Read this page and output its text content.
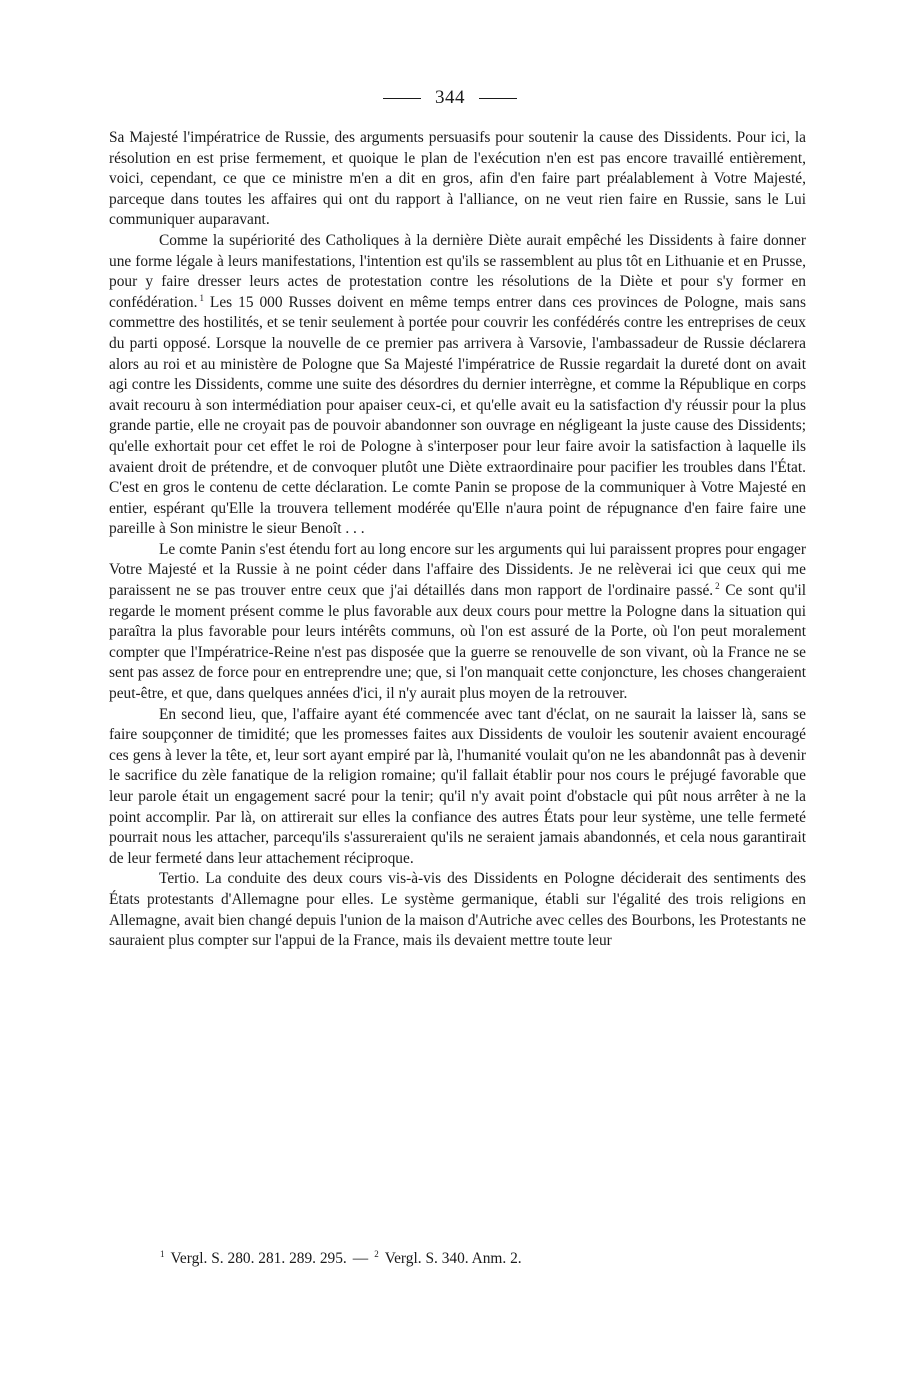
344

Sa Majesté l'impératrice de Russie, des arguments persuasifs pour soutenir la cause des Dissidents. Pour ici, la résolution en est prise fermement, et quoique le plan de l'exécution n'en est pas encore travaillé entièrement, voici, cependant, ce que ce ministre m'en a dit en gros, afin d'en faire part préalablement à Votre Majesté, parceque dans toutes les affaires qui ont du rapport à l'alliance, on ne veut rien faire en Russie, sans le Lui communiquer auparavant.

Comme la supériorité des Catholiques à la dernière Diète aurait empêché les Dissidents à faire donner une forme légale à leurs manifestations, l'intention est qu'ils se rassemblent au plus tôt en Lithuanie et en Prusse, pour y faire dresser leurs actes de protestation contre les résolutions de la Diète et pour s'y former en confédération. $^1$ Les 15 000 Russes doivent en même temps entrer dans ces provinces de Pologne, mais sans commettre des hostilités, et se tenir seulement à portée pour couvrir les confédérés contre les entreprises de ceux du parti opposé. Lorsque la nouvelle de ce premier pas arrivera à Varsovie, l'ambassadeur de Russie déclarera alors au roi et au ministère de Pologne que Sa Majesté l'impératrice de Russie regardait la dureté dont on avait agi contre les Dissidents, comme une suite des désordres du dernier interrègne, et comme la République en corps avait recouru à son intermédiation pour apaiser ceux-ci, et qu'elle avait eu la satisfaction d'y réussir pour la plus grande partie, elle ne croyait pas de pouvoir abandonner son ouvrage en négligeant la juste cause des Dissidents; qu'elle exhortait pour cet effet le roi de Pologne à s'interposer pour leur faire avoir la satisfaction à laquelle ils avaient droit de prétendre, et de convoquer plutôt une Diète extraordinaire pour pacifier les troubles dans l'État. C'est en gros le contenu de cette déclaration. Le comte Panin se propose de la communiquer à Votre Majesté en entier, espérant qu'Elle la trouvera tellement modérée qu'Elle n'aura point de répugnance d'en faire faire une pareille à Son ministre le sieur Benoît . . .

Le comte Panin s'est étendu fort au long encore sur les arguments qui lui paraissent propres pour engager Votre Majesté et la Russie à ne point céder dans l'affaire des Dissidents. Je ne relèverai ici que ceux qui me paraissent ne se pas trouver entre ceux que j'ai détaillés dans mon rapport de l'ordinaire passé. $^2$ Ce sont qu'il regarde le moment présent comme le plus favorable aux deux cours pour mettre la Pologne dans la situation qui paraîtra la plus favorable pour leurs intérêts communs, où l'on est assuré de la Porte, où l'on peut moralement compter que l'Impératrice-Reine n'est pas disposée que la guerre se renouvelle de son vivant, où la France ne se sent pas assez de force pour en entreprendre une; que, si l'on manquait cette conjoncture, les choses changeraient peut-être, et que, dans quelques années d'ici, il n'y aurait plus moyen de la retrouver.

En second lieu, que, l'affaire ayant été commencée avec tant d'éclat, on ne saurait la laisser là, sans se faire soupçonner de timidité; que les promesses faites aux Dissidents de vouloir les soutenir avaient encouragé ces gens à lever la tête, et, leur sort ayant empiré par là, l'humanité voulait qu'on ne les abandonnât pas à devenir le sacrifice du zèle fanatique de la religion romaine; qu'il fallait établir pour nos cours le préjugé favorable que leur parole était un engagement sacré pour la tenir; qu'il n'y avait point d'obstacle qui pût nous arrêter à ne la point accomplir. Par là, on attirerait sur elles la confiance des autres États pour leur système, une telle fermeté pourrait nous les attacher, parcequ'ils s'assureraient qu'ils ne seraient jamais abandonnés, et cela nous garantirait de leur fermeté dans leur attachement réciproque.

Tertio. La conduite des deux cours vis-à-vis des Dissidents en Pologne déciderait des sentiments des États protestants d'Allemagne pour elles. Le système germanique, établi sur l'égalité des trois religions en Allemagne, avait bien changé depuis l'union de la maison d'Autriche avec celles des Bourbons, les Protestants ne sauraient plus compter sur l'appui de la France, mais ils devaient mettre toute leur

$^1$ Vergl. S. 280. 281. 289. 295. — $^2$ Vergl. S. 340. Anm. 2.
